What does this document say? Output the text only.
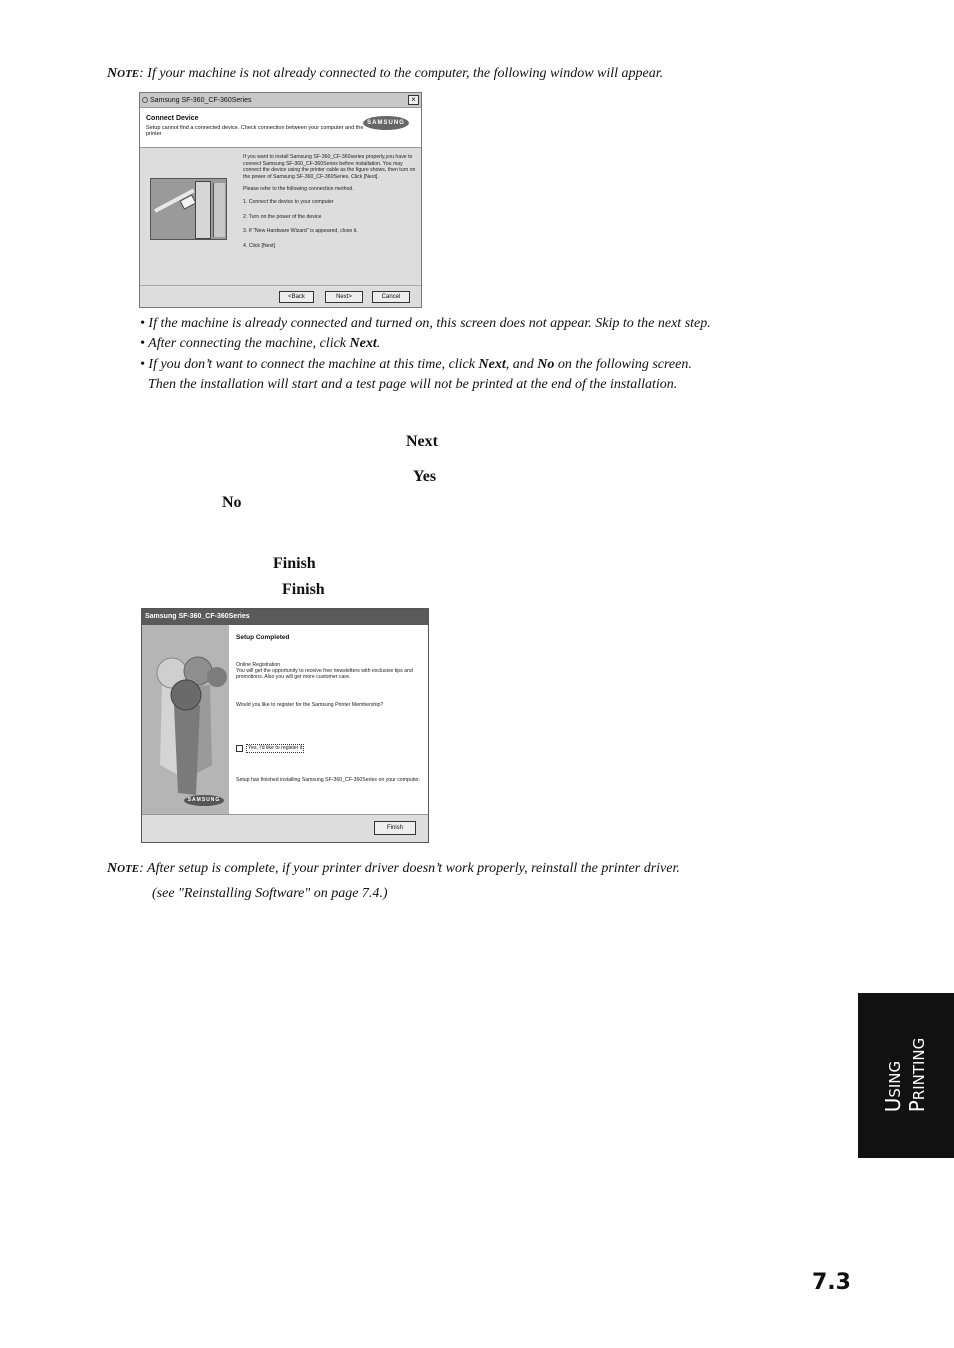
NOTE: If your machine is not already connected to the computer, the following window will appear.
Samsung SF-360_CF-360Series	×
Connect Device
Setup cannot find a connected device. Check connection between your computer and the printer
SAMSUNG

If you want to install Samsung SF-360_CF-360series properly,you have to connect Samsung SF-360_CF-360Series before installation. You may connect the device using the printer cable as the figure shows, then turn on the power of Samsung SF-360_CF-360Series. Click [Next].

Please refer to the following connection method.

1. Connect the device to your computer
2. Turn on the power of the device
3. If "New Hardware Wizard" is appeared, close it.
4. Click [Next]
<Back	Next>	Cancel
• If the machine is already connected and turned on, this screen does not appear. Skip to the next step.
• After connecting the machine, click Next.
• If you don’t want to connect the machine at this time, click Next, and No on the following screen.
Then the installation will start and a test page will not be printed at the end of the installation.
Next
Yes
No
Finish
Finish
Samsung SF-360_CF-360Series
SAMSUNG
Setup Completed
Online Registration
You will get the opportunity to receive free newsletters with exclusive tips and promotions. Also you will get more customer care.
Would you like to register for the Samsung Printer Membership?
Yes, I'd like to register it
Setup has finished installing Samsung SF-360_CF-360Series on your computer.
Finish
NOTE: After setup is complete, if your printer driver doesn’t work properly, reinstall the printer driver.
(see "Reinstalling Software" on page 7.4.)
USING
PRINTING
7.3
